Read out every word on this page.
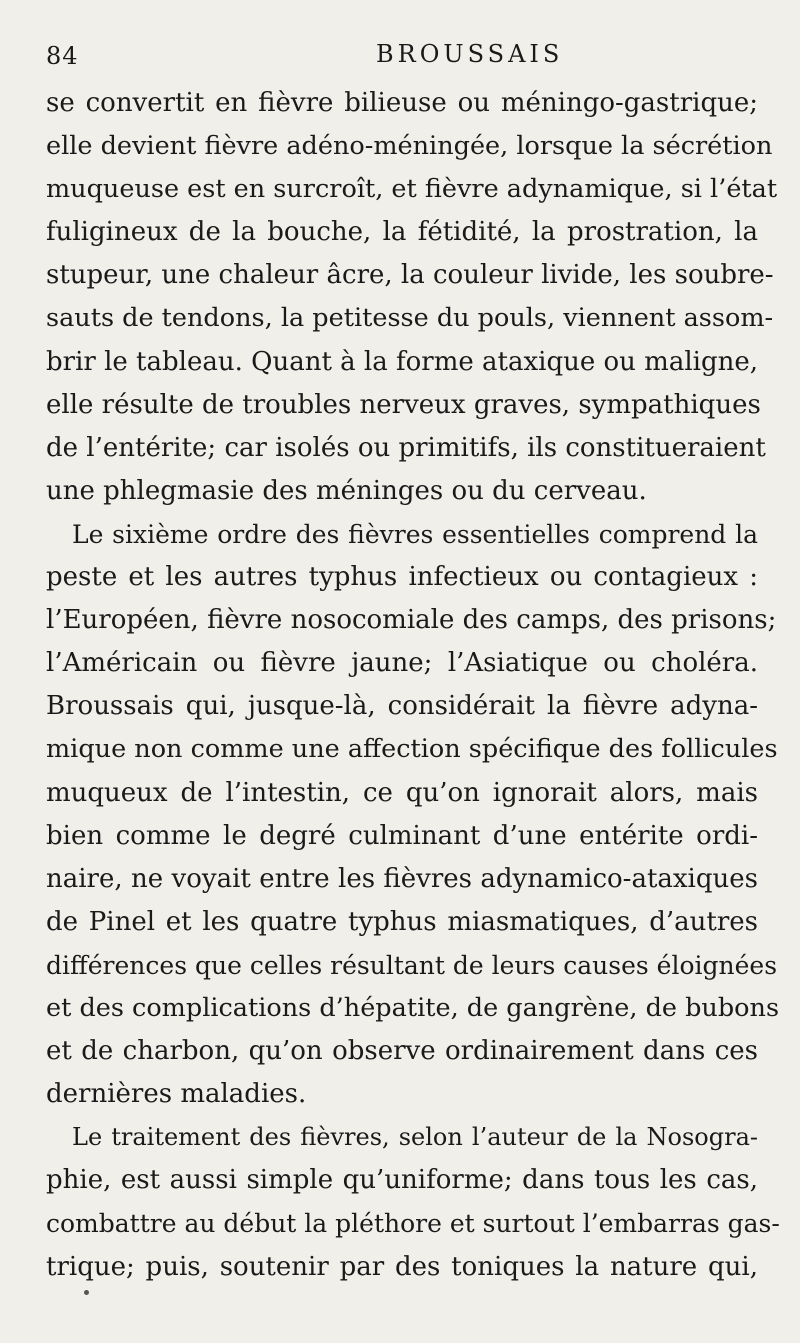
84	BROUSSAIS
se convertit en fièvre bilieuse ou méningo-gastrique;
elle devient fièvre adéno-méningée, lorsque la sécrétion
muqueuse est en surcroît, et fièvre adynamique, si l’état
fuligineux de la bouche, la fétidité, la prostration, la
stupeur, une chaleur âcre, la couleur livide, les soubre-
sauts de tendons, la petitesse du pouls, viennent assom-
brir le tableau. Quant à la forme ataxique ou maligne,
elle résulte de troubles nerveux graves, sympathiques
de l’entérite; car isolés ou primitifs, ils constitueraient
une phlegmasie des méninges ou du cerveau.
Le sixième ordre des fièvres essentielles comprend la
peste et les autres typhus infectieux ou contagieux :
l’Européen, fièvre nosocomiale des camps, des prisons;
l’Américain ou fièvre jaune; l’Asiatique ou choléra.
Broussais qui, jusque-là, considérait la fièvre adyna-
mique non comme une affection spécifique des follicules
muqueux de l’intestin, ce qu’on ignorait alors, mais
bien comme le degré culminant d’une entérite ordi-
naire, ne voyait entre les fièvres adynamico-ataxiques
de Pinel et les quatre typhus miasmatiques, d’autres
différences que celles résultant de leurs causes éloignées
et des complications d’hépatite, de gangrène, de bubons
et de charbon, qu’on observe ordinairement dans ces
dernières maladies.
Le traitement des fièvres, selon l’auteur de la Nosogra-
phie, est aussi simple qu’uniforme; dans tous les cas,
combattre au début la pléthore et surtout l’embarras gas-
trique; puis, soutenir par des toniques la nature qui,
